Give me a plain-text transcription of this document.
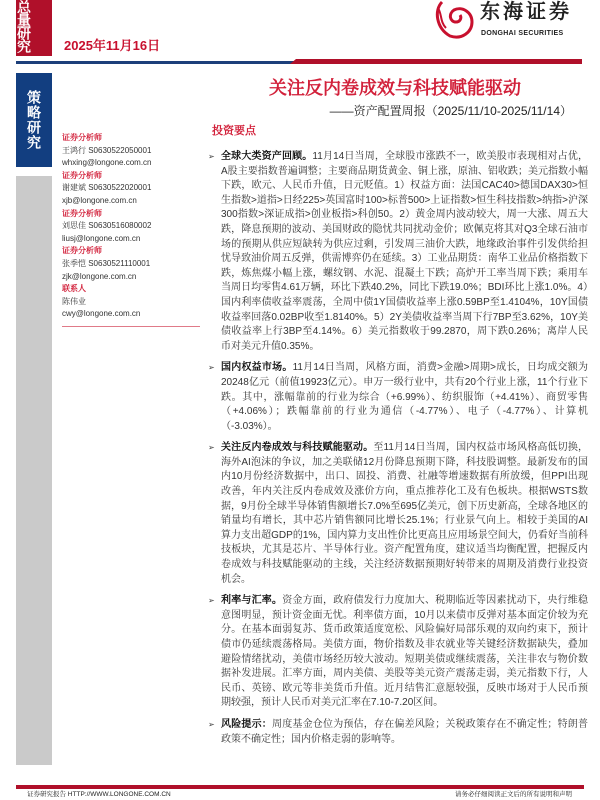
总量研究	2025年11月16日
东海证券
DONGHAI SECURITIES
策略研究
关注反内卷成效与科技赋能驱动
——资产配置周报（2025/11/10-2025/11/14）
投资要点
证券分析师
王鸿行 S0630522050001
whxing@longone.com.cn
证券分析师
谢建斌 S0630522020001
xjb@longone.com.cn
证券分析师
刘思佳 S0630516080002
liusj@longone.com.cn
证券分析师
张季恺 S0630521110001
zjk@longone.com.cn
联系人
陈伟业
cwy@longone.com.cn
➢ 全球大类资产回顾。11月14日当周，全球股市涨跌不一，欧美股市表现相对占优，A股主要指数普遍调整；主要商品期货黄金、铜上涨，原油、铝收跌；美元指数小幅下跌，欧元、人民币升值，日元贬值。1）权益方面：法国CAC40>德国DAX30>恒生指数>道指>日经225>英国富时100>标普500>上证指数>恒生科技指数>纳指>沪深300指数>深证成指>创业板指>科创50。2）黄金周内波动较大，周一大涨、周五大跌，降息预期的波动、美国财政的隐忧共同扰动金价；欧佩克将其对Q3全球石油市场的预期从供应短缺转为供应过剩，引发周三油价大跌，地缘政治事件引发供给担忧导致油价周五反弹，供需博弈仍在延续。3）工业品期货：南华工业品价格指数下跌，炼焦煤小幅上涨，螺纹钢、水泥、混凝土下跌；高炉开工率当周下跌；乘用车当周日均零售4.61万辆，环比下跌40.2%，同比下跌19.0%；BDI环比上涨1.0%。4）国内利率债收益率震荡，全周中债1Y国债收益率上涨0.59BP至1.4104%，10Y国债收益率回落0.02BP收至1.8140%。5）2Y美债收益率当周下行7BP至3.62%，10Y美债收益率上行3BP至4.14%。6）美元指数收于99.2870，周下跌0.26%；离岸人民币对美元升值0.35%。
➢ 国内权益市场。11月14日当周，风格方面，消费>金融>周期>成长，日均成交额为20248亿元（前值19923亿元）。申万一级行业中，共有20个行业上涨，11个行业下跌。其中，涨幅靠前的行业为综合（+6.99%）、纺织服饰（+4.41%）、商贸零售（+4.06%）；跌幅靠前的行业为通信（-4.77%）、电子（-4.77%）、计算机（-3.03%）。
➢ 关注反内卷成效与科技赋能驱动。至11月14日当周，国内权益市场风格高低切换，海外AI泡沫的争议，加之美联储12月份降息预期下降，科技股调整。最新发布的国内10月份经济数据中，出口、固投、消费、社融等增速数据有所放缓，但PPI出现改善，年内关注反内卷成效及涨价方向，重点推荐化工及有色板块。根据WSTS数据，9月份全球半导体销售额增长7.0%至695亿美元，创下历史新高，全球各地区的销量均有增长，其中芯片销售额同比增长25.1%；行业景气向上。相较于美国的AI算力支出超GDP的1%，国内算力支出性价比更高且应用场景空间大，仍看好当前科技板块，尤其是芯片、半导体行业。资产配置角度，建议适当均衡配置，把握反内卷成效与科技赋能驱动的主线，关注经济数据预期好转带来的周期及消费行业投资机会。
➢ 利率与汇率。资金方面，政府债发行力度加大、税期临近等因素扰动下，央行维稳意图明显，预计资金面无忧。利率债方面，10月以来债市反弹对基本面定价较为充分。在基本面弱复苏、货币政策适度宽松、风险偏好局部乐观的双向约束下，预计债市仍延续震荡格局。美债方面，物价指数及非农就业等关键经济数据缺失，叠加避险情绪扰动，美债市场经历较大波动。短期美债或继续震荡，关注非农与物价数据补发进展。汇率方面，周内美债、美股等美元资产震荡走弱，美元指数下行，人民币、英镑、欧元等非美货币升值。近月结售汇意愿较强，反映市场对于人民币预期较强，预计人民币对美元汇率在7.10-7.20区间。
➢ 风险提示：周度基金仓位为预估，存在偏差风险；关税政策存在不确定性；特朗普政策不确定性；国内价格走弱的影响等。
证券研究报告 HTTP://WWW.LONGONE.COM.CN	请务必仔细阅读正文后的所有说明和声明
